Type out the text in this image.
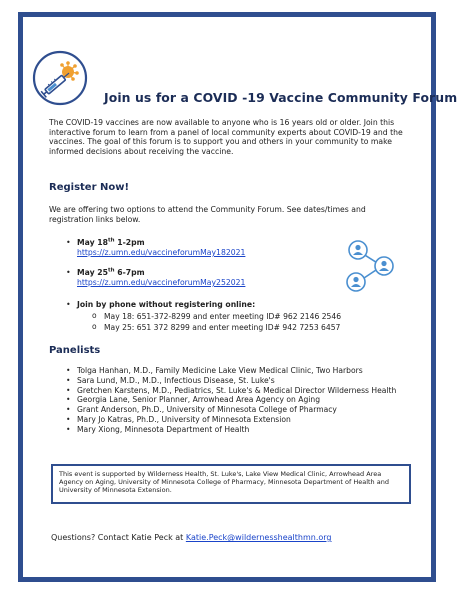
Join us for a COVID -19 Vaccine Community Forum
The COVID-19 vaccines are now available to anyone who is 16 years old or older. Join this interactive forum to learn from a panel of local community experts about COVID-19 and the vaccines. The goal of this forum is to support you and others in your community to make informed decisions about receiving the vaccine.
Register Now!
We are offering two options to attend the Community Forum. See dates/times and registration links below.
• May 18th 1-2pm
https://z.umn.edu/vaccineforumMay182021
• May 25th 6-7pm
https://z.umn.edu/vaccineforumMay252021
• Join by phone without registering online:
o May 18: 651-372-8299 and enter meeting ID# 962 2146 2546
o May 25: 651 372 8299 and enter meeting ID# 942 7253 6457
Panelists
• Tolga Hanhan, M.D., Family Medicine Lake View Medical Clinic, Two Harbors
• Sara Lund, M.D., M.D., Infectious Disease, St. Luke's
• Gretchen Karstens, M.D., Pediatrics, St. Luke's & Medical Director Wilderness Health
• Georgia Lane, Senior Planner, Arrowhead Area Agency on Aging
• Grant Anderson, Ph.D., University of Minnesota College of Pharmacy
• Mary Jo Katras, Ph.D., University of Minnesota Extension
• Mary Xiong, Minnesota Department of Health
This event is supported by Wilderness Health, St. Luke's, Lake View Medical Clinic, Arrowhead Area Agency on Aging, University of Minnesota College of Pharmacy, Minnesota Department of Health and University of Minnesota Extension.
Questions? Contact Katie Peck at Katie.Peck@wildernesshealthmn.org
